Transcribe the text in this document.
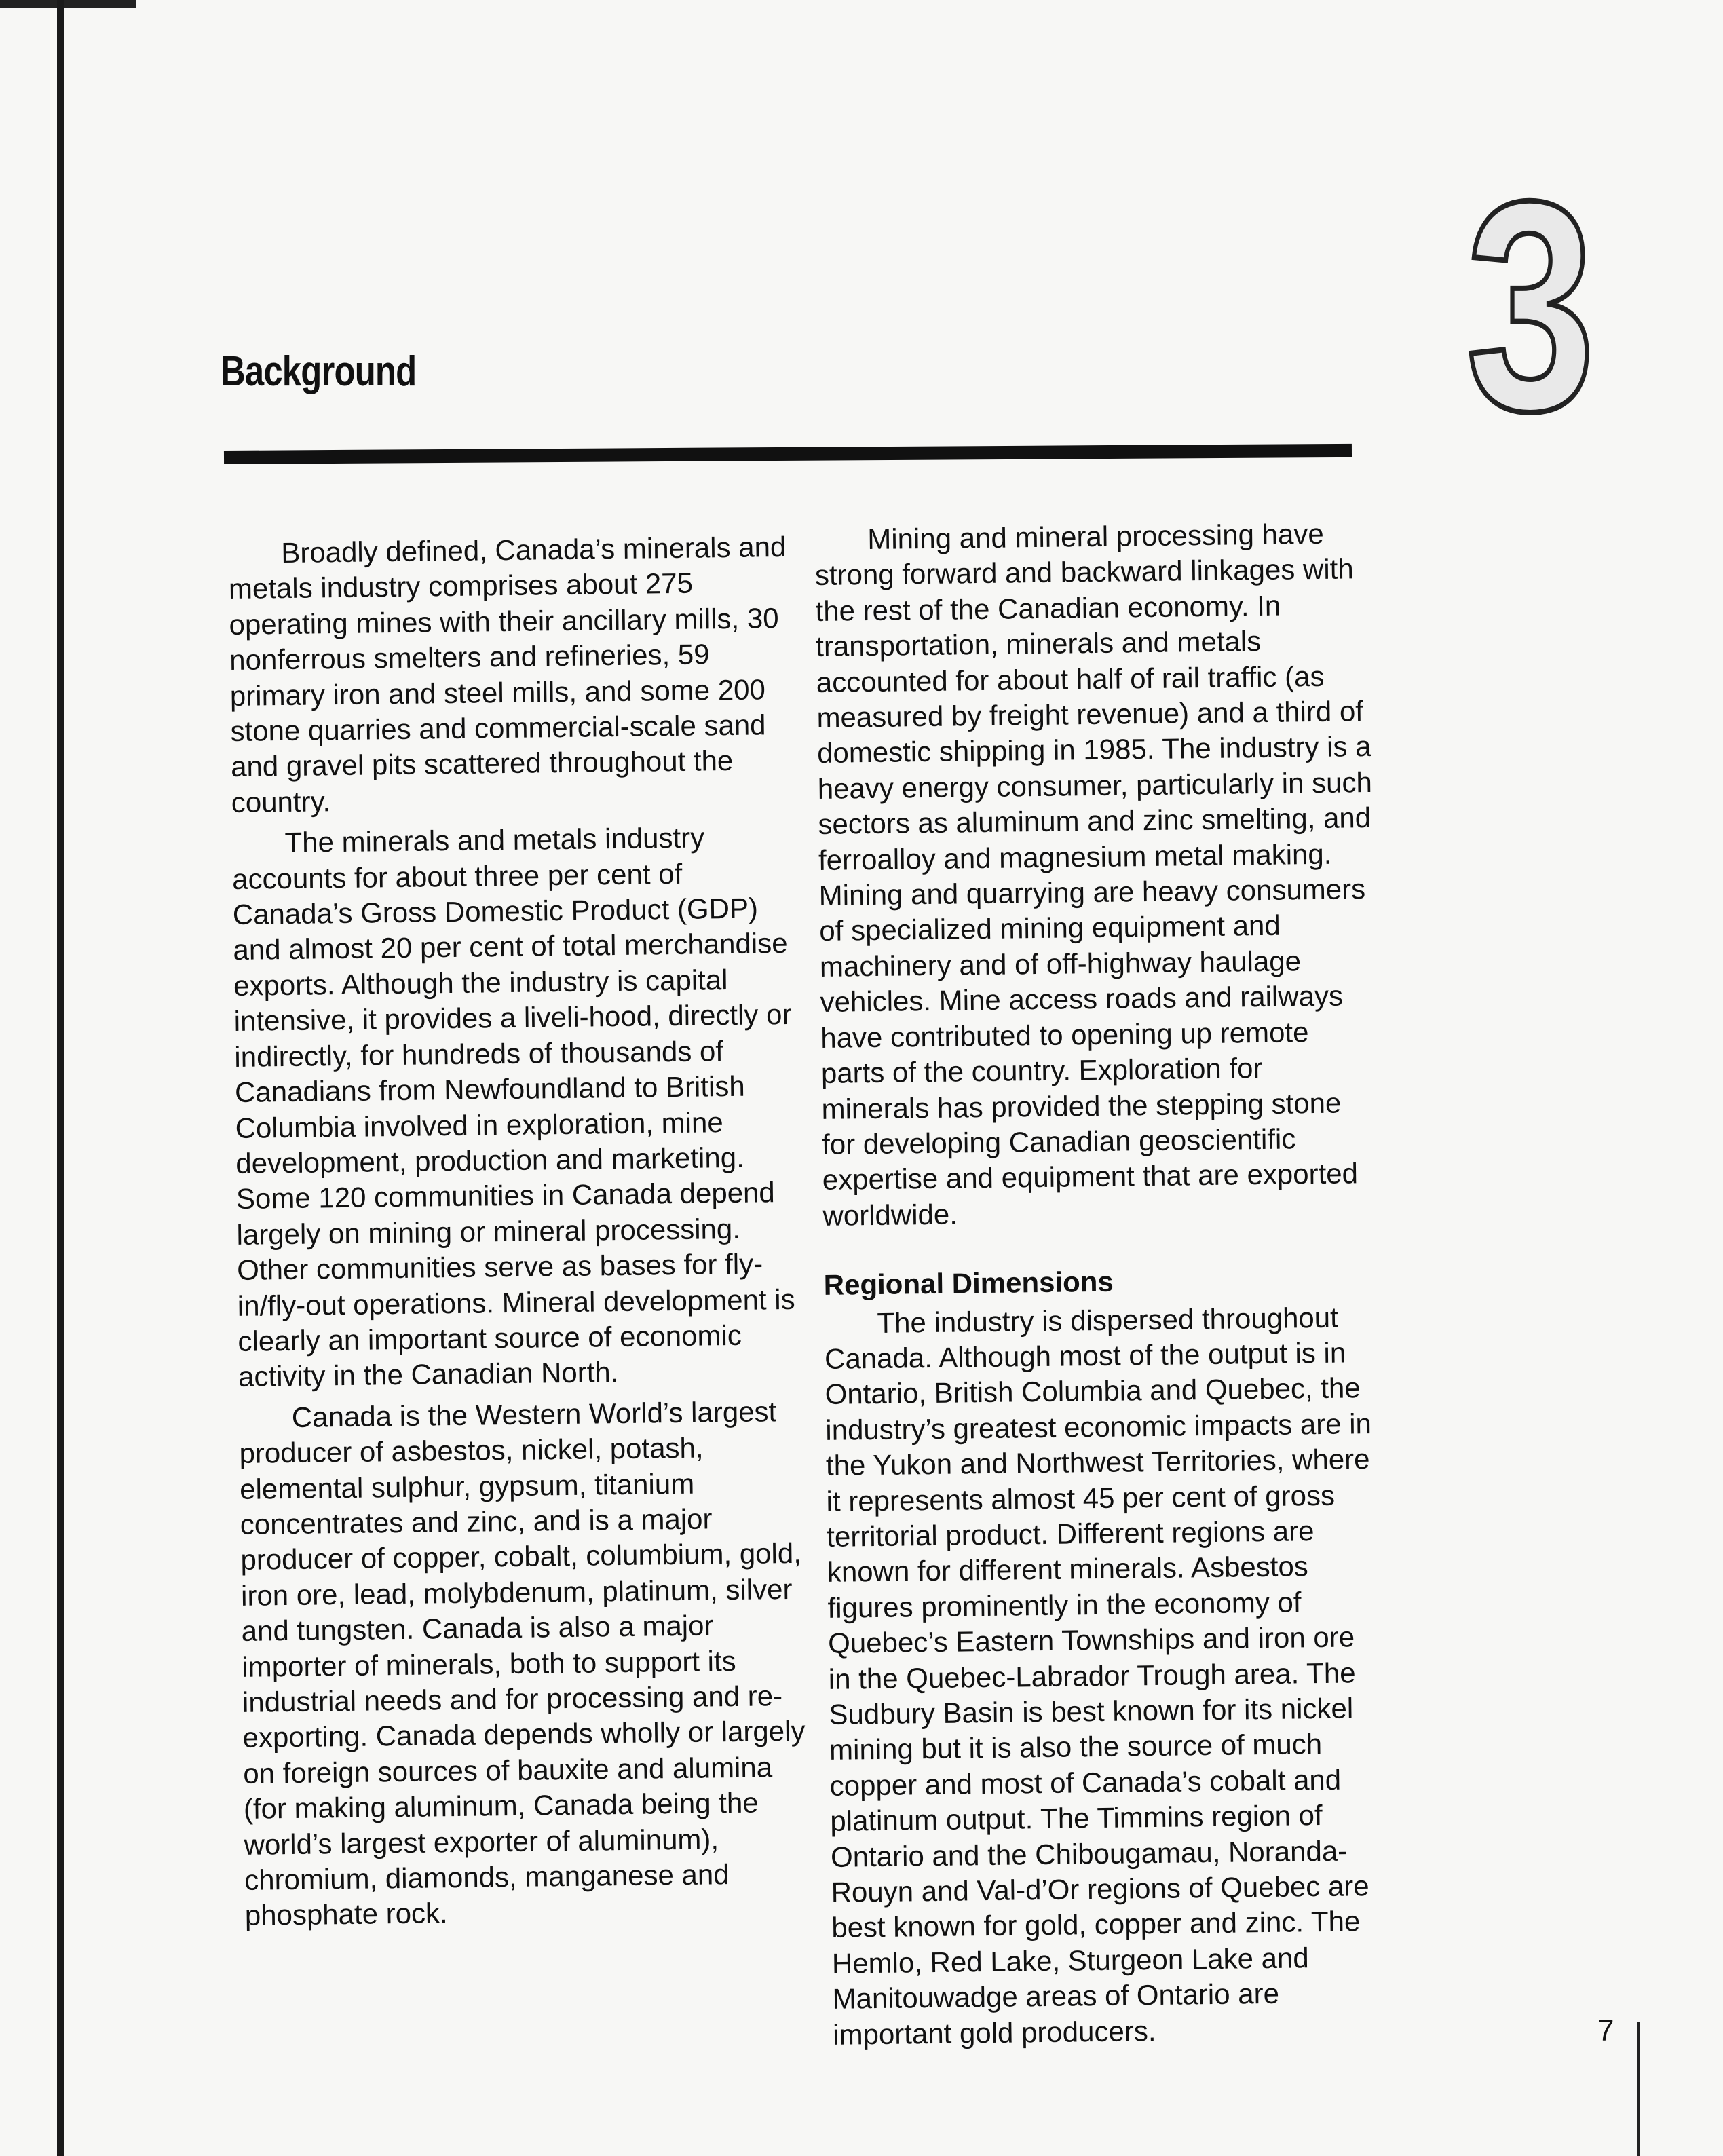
Background	3

Broadly defined, Canada’s minerals and metals industry comprises about 275 operating mines with their ancillary mills, 30 nonferrous smelters and refineries, 59 primary iron and steel mills, and some 200 stone quarries and commercial-scale sand and gravel pits scattered throughout the country.

The minerals and metals industry accounts for about three per cent of Canada’s Gross Domestic Product (GDP) and almost 20 per cent of total merchandise exports. Although the industry is capital intensive, it provides a liveli-hood, directly or indirectly, for hundreds of thousands of Canadians from Newfoundland to British Columbia involved in exploration, mine development, production and marketing. Some 120 communities in Canada depend largely on mining or mineral processing. Other communities serve as bases for fly-in/fly-out operations. Mineral development is clearly an important source of economic activity in the Canadian North.

Canada is the Western World’s largest producer of asbestos, nickel, potash, elemental sulphur, gypsum, titanium concentrates and zinc, and is a major producer of copper, cobalt, columbium, gold, iron ore, lead, molybdenum, platinum, silver and tungsten. Canada is also a major importer of minerals, both to support its industrial needs and for processing and re-exporting. Canada depends wholly or largely on foreign sources of bauxite and alumina (for making aluminum, Canada being the world’s largest exporter of aluminum), chromium, diamonds, manganese and phosphate rock.

Mining and mineral processing have strong forward and backward linkages with the rest of the Canadian economy. In transportation, minerals and metals accounted for about half of rail traffic (as measured by freight revenue) and a third of domestic shipping in 1985. The industry is a heavy energy consumer, particularly in such sectors as aluminum and zinc smelting, and ferroalloy and magnesium metal making. Mining and quarrying are heavy consumers of specialized mining equipment and machinery and of off-highway haulage vehicles. Mine access roads and railways have contributed to opening up remote parts of the country. Exploration for minerals has provided the stepping stone for developing Canadian geoscientific expertise and equipment that are exported worldwide.

Regional Dimensions

The industry is dispersed throughout Canada. Although most of the output is in Ontario, British Columbia and Quebec, the industry’s greatest economic impacts are in the Yukon and Northwest Territories, where it represents almost 45 per cent of gross territorial product. Different regions are known for different minerals. Asbestos figures prominently in the economy of Quebec’s Eastern Townships and iron ore in the Quebec-Labrador Trough area. The Sudbury Basin is best known for its nickel mining but it is also the source of much copper and most of Canada’s cobalt and platinum output. The Timmins region of Ontario and the Chibougamau, Noranda-Rouyn and Val-d’Or regions of Quebec are best known for gold, copper and zinc. The Hemlo, Red Lake, Sturgeon Lake and Manitouwadge areas of Ontario are important gold producers.	7
